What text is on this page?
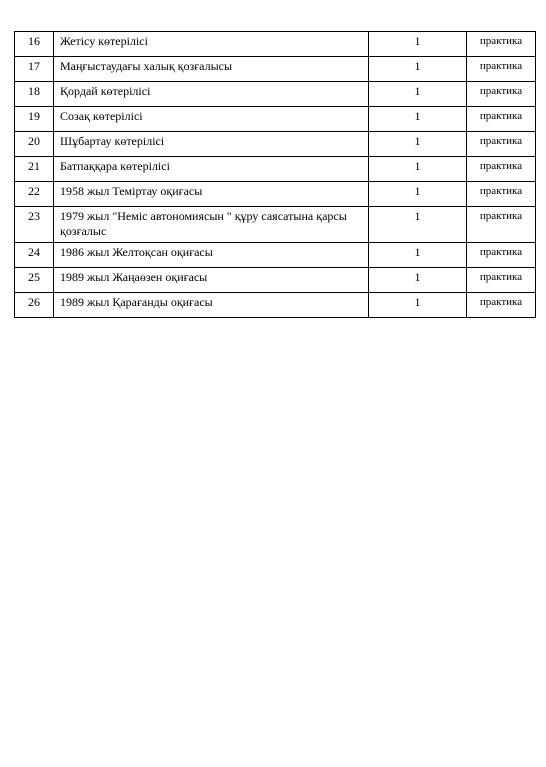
16	Жетісу көтерілісі	1	практика
17	Маңғыстаудағы халық қозғалысы	1	практика
18	Қордай көтерілісі	1	практика
19	Созақ көтерілісі	1	практика
20	Шұбартау көтерілісі	1	практика
21	Батпаққара көтерілісі	1	практика
22	1958 жыл Теміртау оқиғасы	1	практика
23	1979 жыл "Неміс автономиясын " құру саясатына қарсы қозғалыс	1	практика
24	1986 жыл Желтоқсан оқиғасы	1	практика
25	1989 жыл Жаңаөзен оқиғасы	1	практика
26	1989 жыл Қарағанды оқиғасы	1	практика
